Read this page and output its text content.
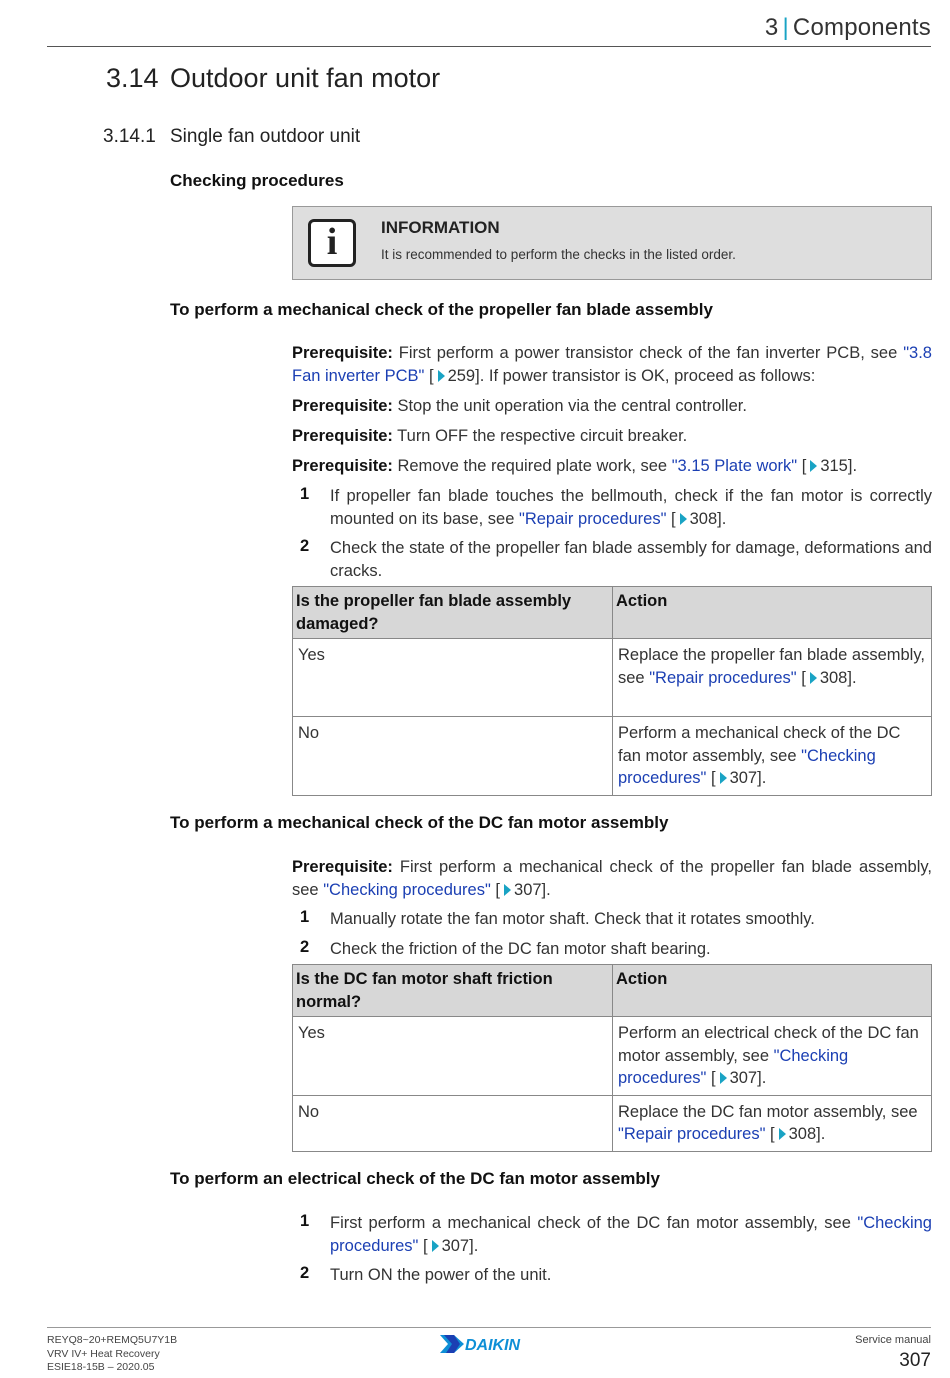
3 | Components
3.14 Outdoor unit fan motor
3.14.1 Single fan outdoor unit
Checking procedures
i	INFORMATION
It is recommended to perform the checks in the listed order.
To perform a mechanical check of the propeller fan blade assembly
Prerequisite: First perform a power transistor check of the fan inverter PCB, see "3.8 Fan inverter PCB" [ 259]. If power transistor is OK, proceed as follows:
Prerequisite: Stop the unit operation via the central controller.
Prerequisite: Turn OFF the respective circuit breaker.
Prerequisite: Remove the required plate work, see "3.15 Plate work" [ 315].
1 If propeller fan blade touches the bellmouth, check if the fan motor is correctly mounted on its base, see "Repair procedures" [ 308].
2 Check the state of the propeller fan blade assembly for damage, deformations and cracks.
Is the propeller fan blade assembly damaged?	Action
Yes	Replace the propeller fan blade assembly, see "Repair procedures" [ 308].
No	Perform a mechanical check of the DC fan motor assembly, see "Checking procedures" [ 307].
To perform a mechanical check of the DC fan motor assembly
Prerequisite: First perform a mechanical check of the propeller fan blade assembly, see "Checking procedures" [ 307].
1 Manually rotate the fan motor shaft. Check that it rotates smoothly.
2 Check the friction of the DC fan motor shaft bearing.
Is the DC fan motor shaft friction normal?	Action
Yes	Perform an electrical check of the DC fan motor assembly, see "Checking procedures" [ 307].
No	Replace the DC fan motor assembly, see "Repair procedures" [ 308].
To perform an electrical check of the DC fan motor assembly
1 First perform a mechanical check of the DC fan motor assembly, see "Checking procedures" [ 307].
2 Turn ON the power of the unit.
REYQ8~20+REMQ5U7Y1B
VRV IV+ Heat Recovery
ESIE18-15B – 2020.05
DAIKIN	Service manual
307
